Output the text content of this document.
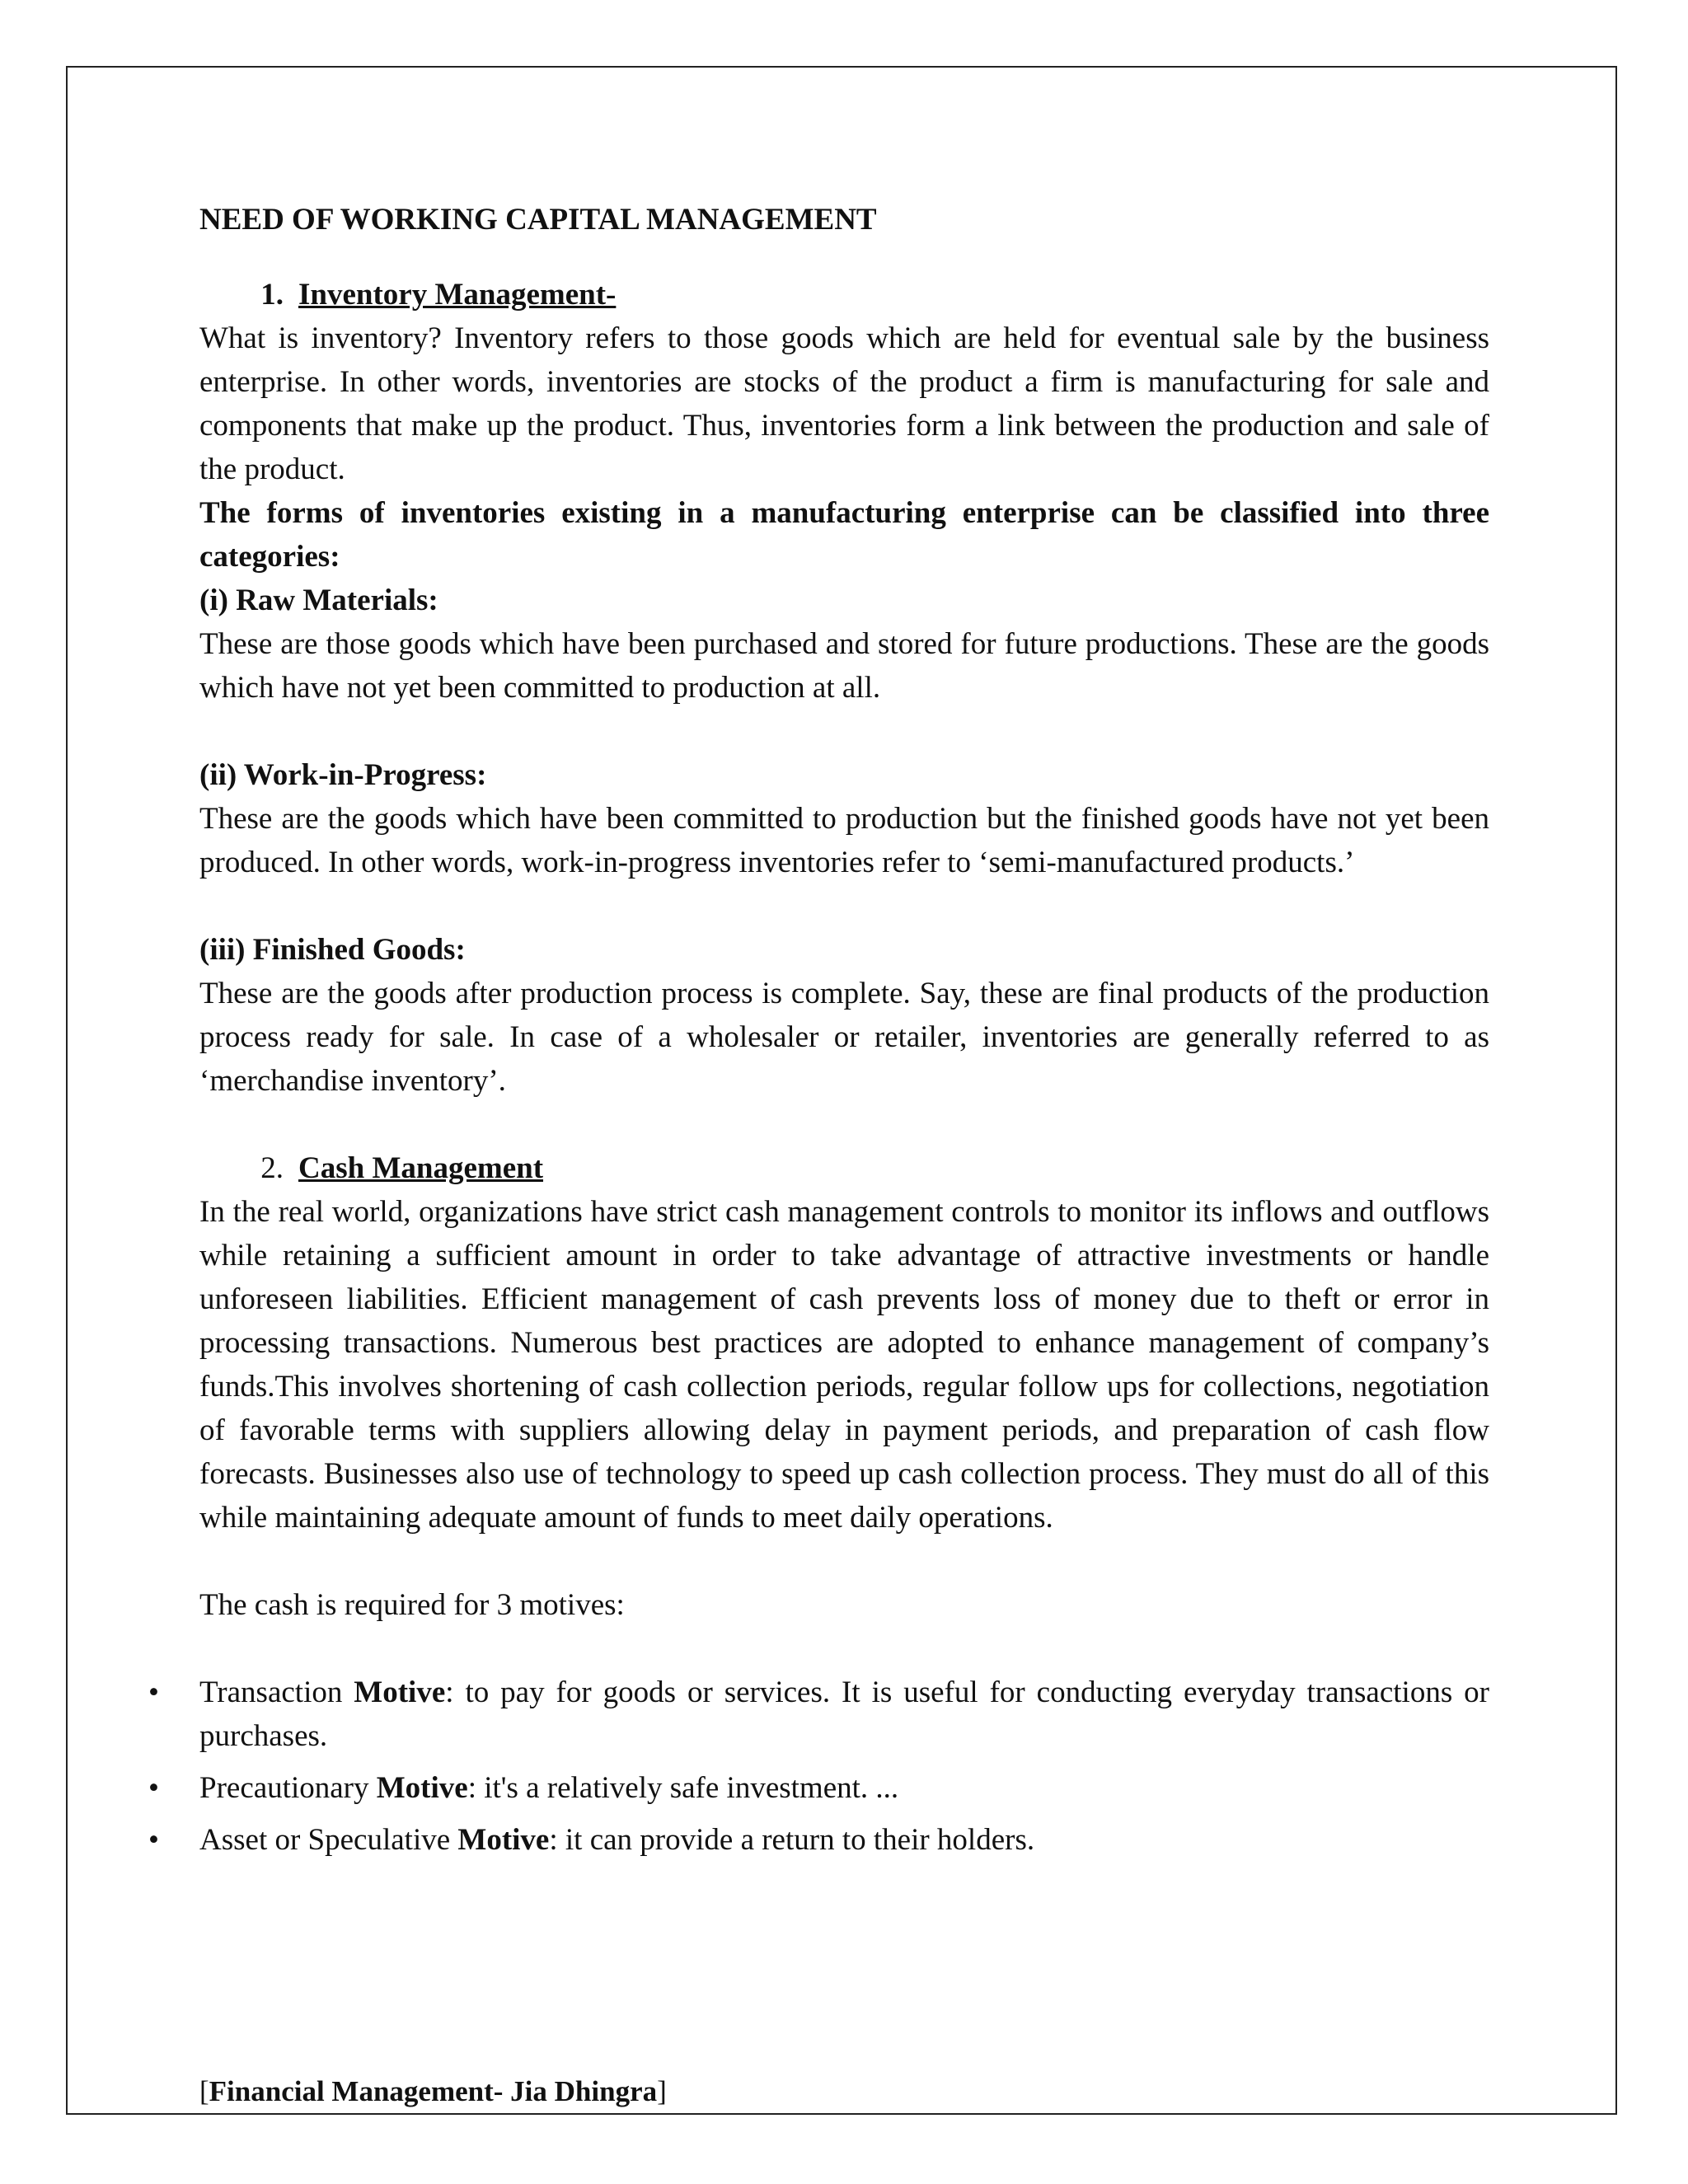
NEED OF WORKING CAPITAL MANAGEMENT

1. Inventory Management-

What is inventory? Inventory refers to those goods which are held for eventual sale by the business enterprise. In other words, inventories are stocks of the product a firm is manufacturing for sale and components that make up the product. Thus, inventories form a link between the production and sale of the product.

The forms of inventories existing in a manufacturing enterprise can be classified into three categories:

(i) Raw Materials:

These are those goods which have been purchased and stored for future productions. These are the goods which have not yet been committed to production at all.

(ii) Work-in-Progress:

These are the goods which have been committed to production but the finished goods have not yet been produced. In other words, work-in-progress inventories refer to ‘semi-manufactured products.’

(iii) Finished Goods:

These are the goods after production process is complete. Say, these are final products of the production process ready for sale. In case of a wholesaler or retailer, inventories are generally referred to as ‘merchandise inventory’.

2. Cash Management

In the real world, organizations have strict cash management controls to monitor its inflows and outflows while retaining a sufficient amount in order to take advantage of attractive investments or handle unforeseen liabilities. Efficient management of cash prevents loss of money due to theft or error in processing transactions. Numerous best practices are adopted to enhance management of company’s funds.This involves shortening of cash collection periods, regular follow ups for collections, negotiation of favorable terms with suppliers allowing delay in payment periods, and preparation of cash flow forecasts. Businesses also use of technology to speed up cash collection process. They must do all of this while maintaining adequate amount of funds to meet daily operations.

The cash is required for 3 motives:

• Transaction Motive: to pay for goods or services. It is useful for conducting everyday transactions or purchases.
• Precautionary Motive: it's a relatively safe investment. ...
• Asset or Speculative Motive: it can provide a return to their holders.
[Financial Management- Jia Dhingra]
